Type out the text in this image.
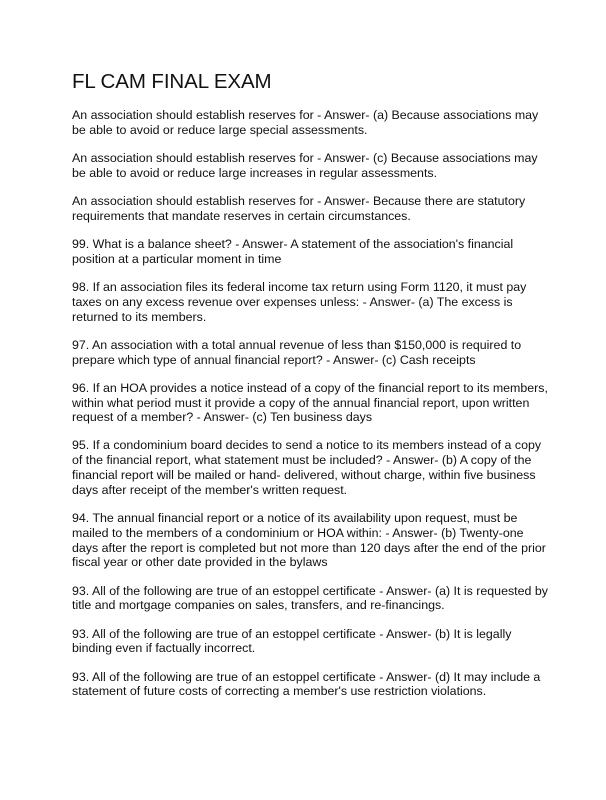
FL CAM FINAL EXAM

An association should establish reserves for - Answer- (a) Because associations may be able to avoid or reduce large special assessments.

An association should establish reserves for - Answer- (c) Because associations may be able to avoid or reduce large increases in regular assessments.

An association should establish reserves for - Answer- Because there are statutory requirements that mandate reserves in certain circumstances.

99. What is a balance sheet? - Answer- A statement of the association's financial position at a particular moment in time

98. If an association files its federal income tax return using Form 1120, it must pay taxes on any excess revenue over expenses unless: - Answer- (a) The excess is returned to its members.

97. An association with a total annual revenue of less than $150,000 is required to prepare which type of annual financial report? - Answer- (c) Cash receipts

96. If an HOA provides a notice instead of a copy of the financial report to its members, within what period must it provide a copy of the annual financial report, upon written request of a member? - Answer- (c) Ten business days

95. If a condominium board decides to send a notice to its members instead of a copy of the financial report, what statement must be included? - Answer- (b) A copy of the financial report will be mailed or hand- delivered, without charge, within five business days after receipt of the member's written request.

94. The annual financial report or a notice of its availability upon request, must be mailed to the members of a condominium or HOA within: - Answer- (b) Twenty-one days after the report is completed but not more than 120 days after the end of the prior fiscal year or other date provided in the bylaws

93. All of the following are true of an estoppel certificate - Answer- (a) It is requested by title and mortgage companies on sales, transfers, and re-financings.

93. All of the following are true of an estoppel certificate - Answer- (b) It is legally binding even if factually incorrect.

93. All of the following are true of an estoppel certificate - Answer- (d) It may include a statement of future costs of correcting a member's use restriction violations.
